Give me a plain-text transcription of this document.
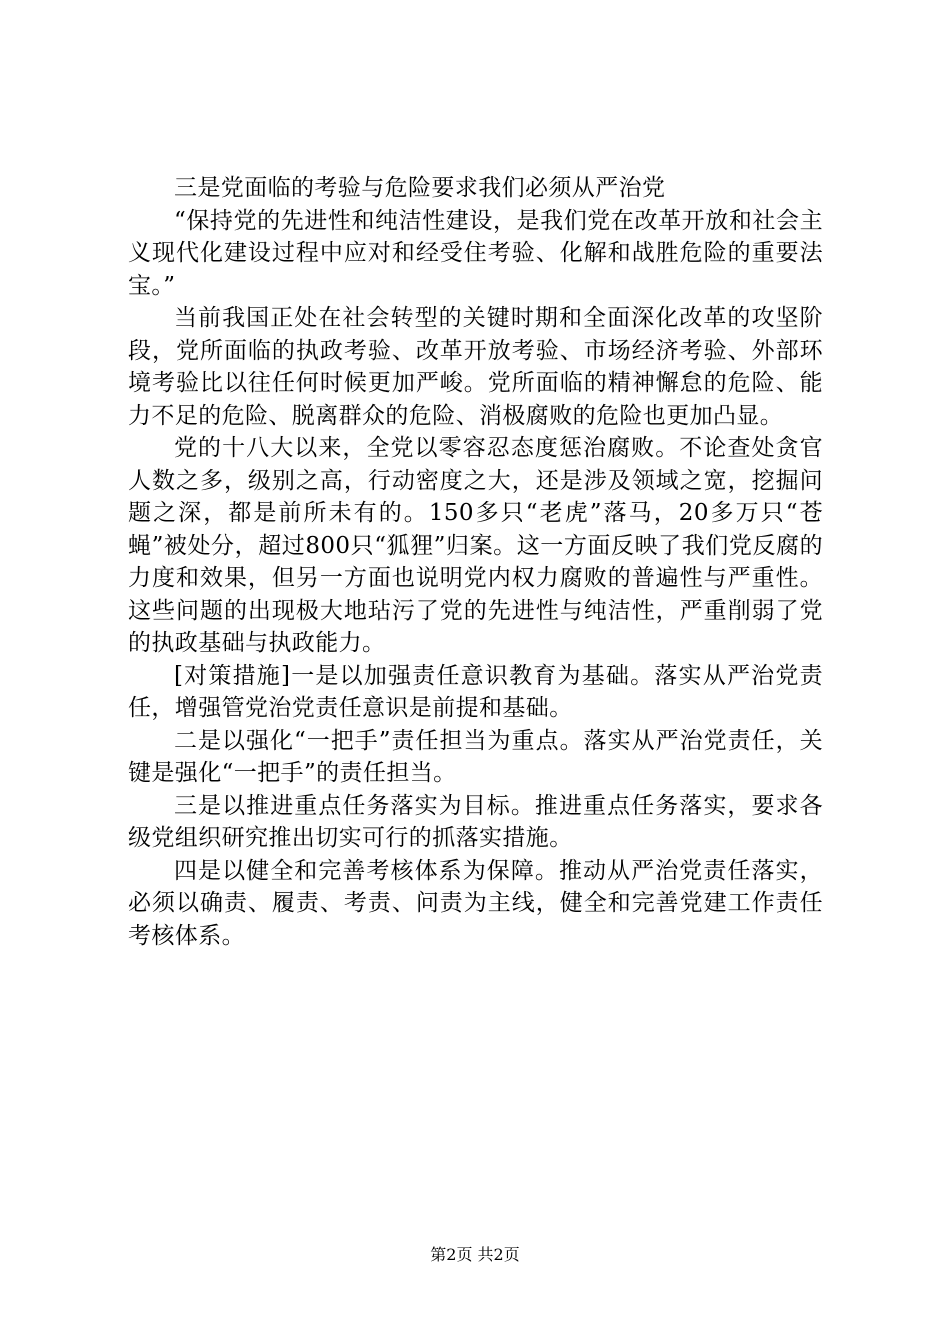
三是党面临的考验与危险要求我们必须从严治党

“保持党的先进性和纯洁性建设，是我们党在改革开放和社会主义现代化建设过程中应对和经受住考验、化解和战胜危险的重要法宝。”

当前我国正处在社会转型的关键时期和全面深化改革的攻坚阶段，党所面临的执政考验、改革开放考验、市场经济考验、外部环境考验比以往任何时候更加严峻。党所面临的精神懈怠的危险、能力不足的危险、脱离群众的危险、消极腐败的危险也更加凸显。

党的十八大以来，全党以零容忍态度惩治腐败。不论查处贪官人数之多，级别之高，行动密度之大，还是涉及领域之宽，挖掘问题之深，都是前所未有的。150多只“老虎”落马，20多万只“苍蝇”被处分，超过800只“狐狸”归案。这一方面反映了我们党反腐的力度和效果，但另一方面也说明党内权力腐败的普遍性与严重性。这些问题的出现极大地玷污了党的先进性与纯洁性，严重削弱了党的执政基础与执政能力。

[对策措施]一是以加强责任意识教育为基础。落实从严治党责任，增强管党治党责任意识是前提和基础。

二是以强化“一把手”责任担当为重点。落实从严治党责任，关键是强化“一把手”的责任担当。

三是以推进重点任务落实为目标。推进重点任务落实，要求各级党组织研究推出切实可行的抓落实措施。

四是以健全和完善考核体系为保障。推动从严治党责任落实，必须以确责、履责、考责、问责为主线，健全和完善党建工作责任考核体系。

第2页 共2页
